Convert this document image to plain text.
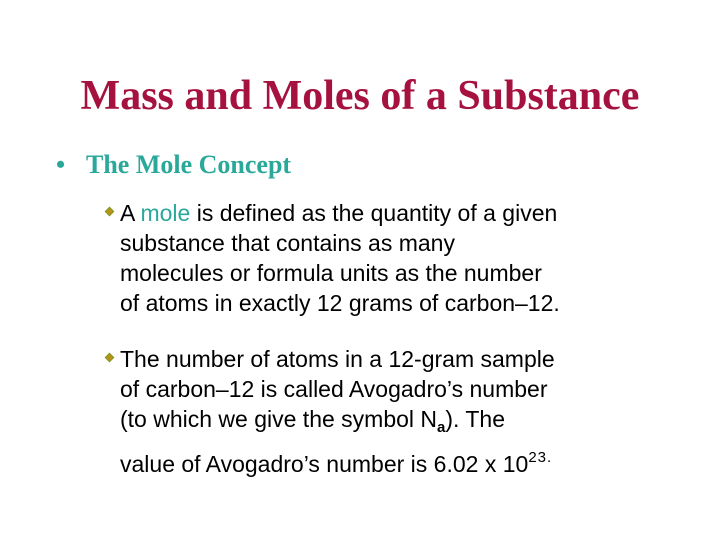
Mass and Moles of a Substance
• The Mole Concept
A mole is defined as the quantity of a given
substance that contains as many
molecules or formula units as the number
of atoms in exactly 12 grams of carbon–12.
The number of atoms in a 12-gram sample
of carbon–12 is called Avogadro’s number
(to which we give the symbol $N_a$). The
value of Avogadro’s number is 6.02 x $10^{23.}$
